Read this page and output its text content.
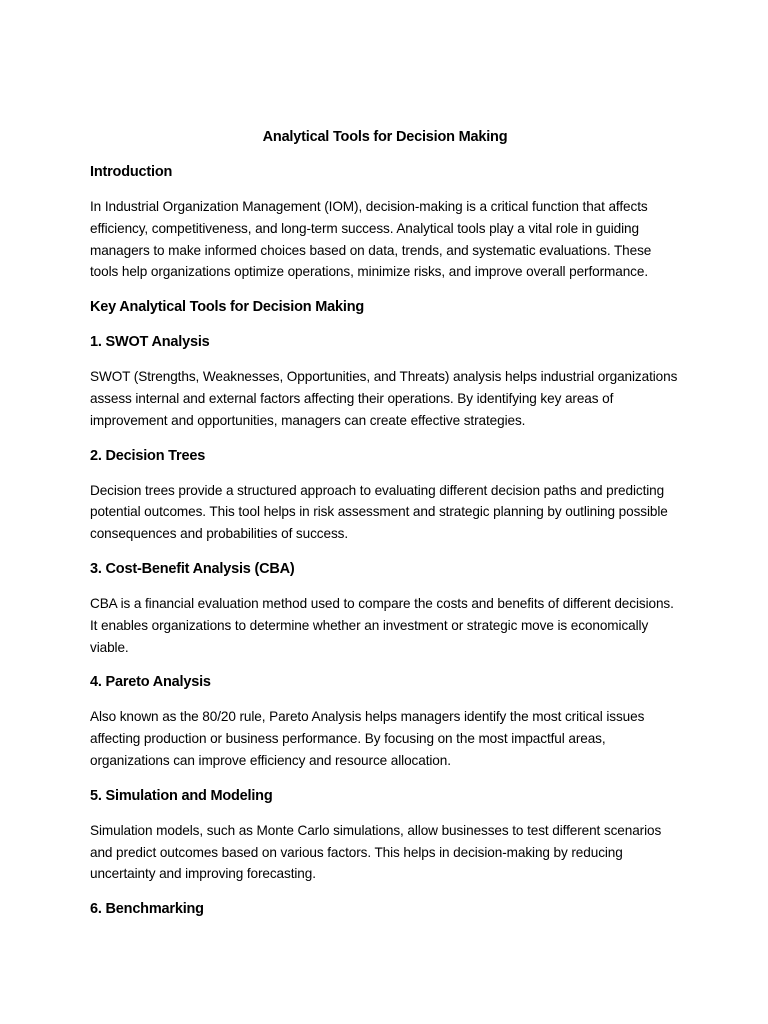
Analytical Tools for Decision Making
Introduction

In Industrial Organization Management (IOM), decision-making is a critical function that affects efficiency, competitiveness, and long-term success. Analytical tools play a vital role in guiding managers to make informed choices based on data, trends, and systematic evaluations. These tools help organizations optimize operations, minimize risks, and improve overall performance.

Key Analytical Tools for Decision Making
1. SWOT Analysis

SWOT (Strengths, Weaknesses, Opportunities, and Threats) analysis helps industrial organizations assess internal and external factors affecting their operations. By identifying key areas of improvement and opportunities, managers can create effective strategies.

2. Decision Trees

Decision trees provide a structured approach to evaluating different decision paths and predicting potential outcomes. This tool helps in risk assessment and strategic planning by outlining possible consequences and probabilities of success.

3. Cost-Benefit Analysis (CBA)

CBA is a financial evaluation method used to compare the costs and benefits of different decisions. It enables organizations to determine whether an investment or strategic move is economically viable.

4. Pareto Analysis

Also known as the 80/20 rule, Pareto Analysis helps managers identify the most critical issues affecting production or business performance. By focusing on the most impactful areas, organizations can improve efficiency and resource allocation.

5. Simulation and Modeling

Simulation models, such as Monte Carlo simulations, allow businesses to test different scenarios and predict outcomes based on various factors. This helps in decision-making by reducing uncertainty and improving forecasting.

6. Benchmarking
